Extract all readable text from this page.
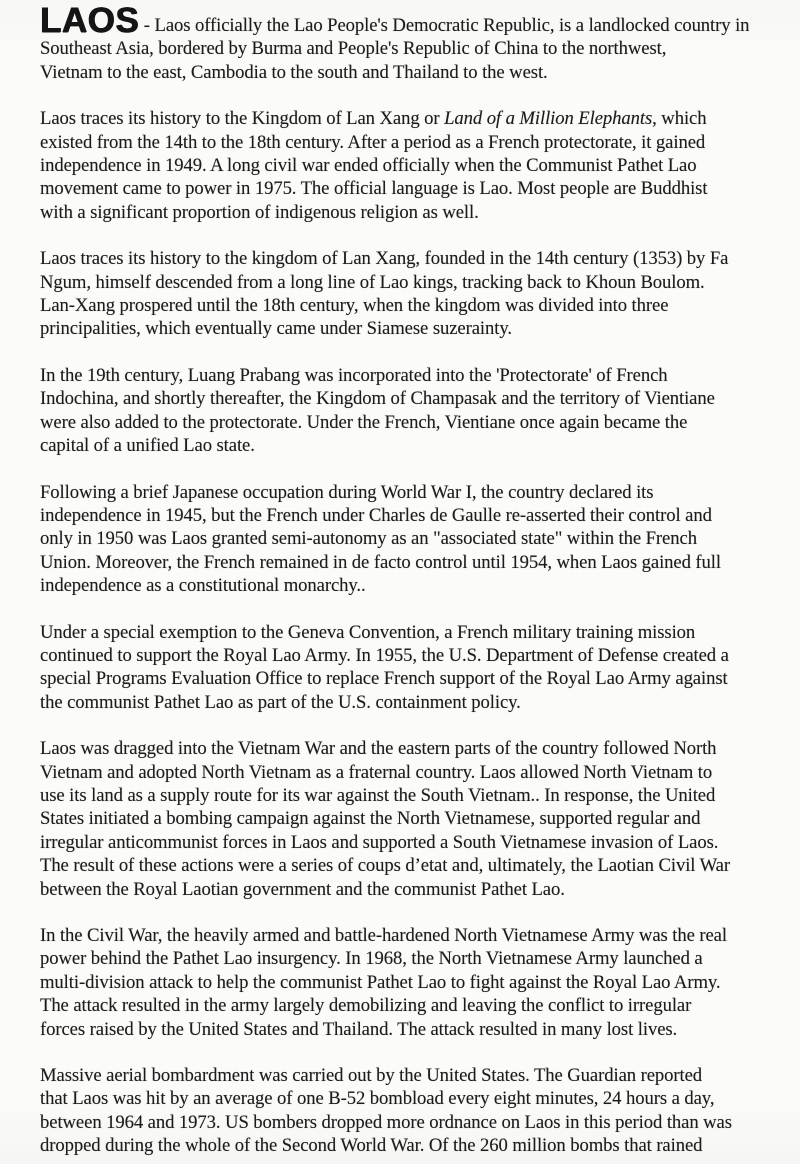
LAOS - Laos officially the Lao People's Democratic Republic, is a landlocked country in
Southeast Asia, bordered by Burma and People's Republic of China to the northwest,
Vietnam to the east, Cambodia to the south and Thailand to the west.
Laos traces its history to the Kingdom of Lan Xang or Land of a Million Elephants, which
existed from the 14th to the 18th century. After a period as a French protectorate, it gained
independence in 1949. A long civil war ended officially when the Communist Pathet Lao
movement came to power in 1975. The official language is Lao. Most people are Buddhist
with a significant proportion of indigenous religion as well.
Laos traces its history to the kingdom of Lan Xang, founded in the 14th century (1353) by Fa
Ngum, himself descended from a long line of Lao kings, tracking back to Khoun Boulom.
Lan-Xang prospered until the 18th century, when the kingdom was divided into three
principalities, which eventually came under Siamese suzerainty.
In the 19th century, Luang Prabang was incorporated into the 'Protectorate' of French
Indochina, and shortly thereafter, the Kingdom of Champasak and the territory of Vientiane
were also added to the protectorate. Under the French, Vientiane once again became the
capital of a unified Lao state.
Following a brief Japanese occupation during World War I, the country declared its
independence in 1945, but the French under Charles de Gaulle re-asserted their control and
only in 1950 was Laos granted semi-autonomy as an "associated state" within the French
Union. Moreover, the French remained in de facto control until 1954, when Laos gained full
independence as a constitutional monarchy..
Under a special exemption to the Geneva Convention, a French military training mission
continued to support the Royal Lao Army. In 1955, the U.S. Department of Defense created a
special Programs Evaluation Office to replace French support of the Royal Lao Army against
the communist Pathet Lao as part of the U.S. containment policy.
Laos was dragged into the Vietnam War and the eastern parts of the country followed North
Vietnam and adopted North Vietnam as a fraternal country. Laos allowed North Vietnam to
use its land as a supply route for its war against the South Vietnam.. In response, the United
States initiated a bombing campaign against the North Vietnamese, supported regular and
irregular anticommunist forces in Laos and supported a South Vietnamese invasion of Laos.
The result of these actions were a series of coups d’etat and, ultimately, the Laotian Civil War
between the Royal Laotian government and the communist Pathet Lao.
In the Civil War, the heavily armed and battle-hardened North Vietnamese Army was the real
power behind the Pathet Lao insurgency. In 1968, the North Vietnamese Army launched a
multi-division attack to help the communist Pathet Lao to fight against the Royal Lao Army.
The attack resulted in the army largely demobilizing and leaving the conflict to irregular
forces raised by the United States and Thailand. The attack resulted in many lost lives.
Massive aerial bombardment was carried out by the United States. The Guardian reported
that Laos was hit by an average of one B-52 bombload every eight minutes, 24 hours a day,
between 1964 and 1973. US bombers dropped more ordnance on Laos in this period than was
dropped during the whole of the Second World War. Of the 260 million bombs that rained
